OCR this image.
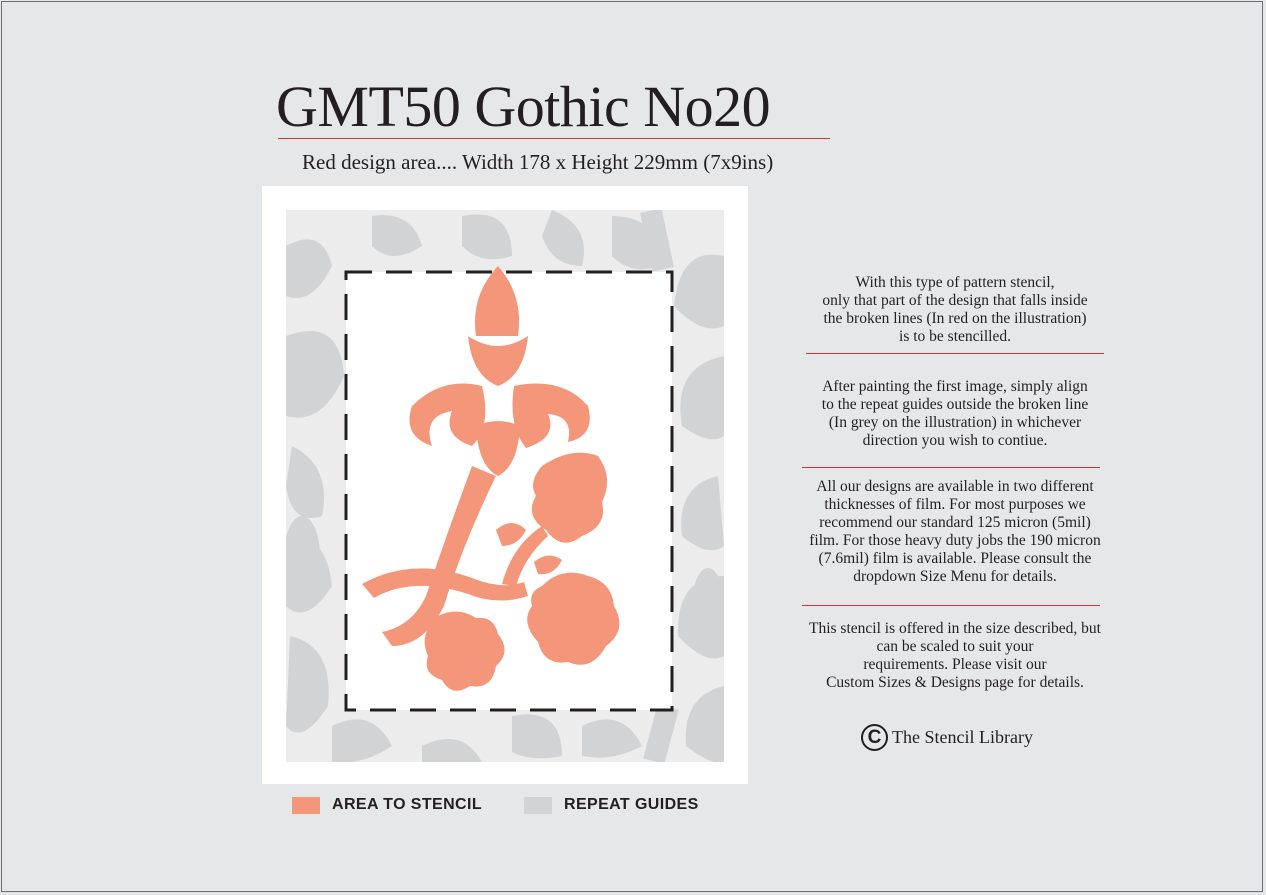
GMT50 Gothic No20
Red design area.... Width 178 x Height 229mm (7x9ins)

With this type of pattern stencil,

only that part of the design that falls inside

the broken lines (In red on the illustration)

is to be stencilled.

After painting the first image, simply align

to the repeat guides outside the broken line

(In grey on the illustration) in whichever

direction you wish to contiue.

All our designs are available in two different

thicknesses of film. For most purposes we

recommend our standard 125 micron (5mil)

film. For those heavy duty jobs the 190 micron

(7.6mil) film is available. Please consult the

dropdown Size Menu for details.

This stencil is offered in the size described, but

can be scaled to suit your

requirements. Please visit our

Custom Sizes & Designs page for details.

C The Stencil Library
AREA TO STENCIL	REPEAT GUIDES
